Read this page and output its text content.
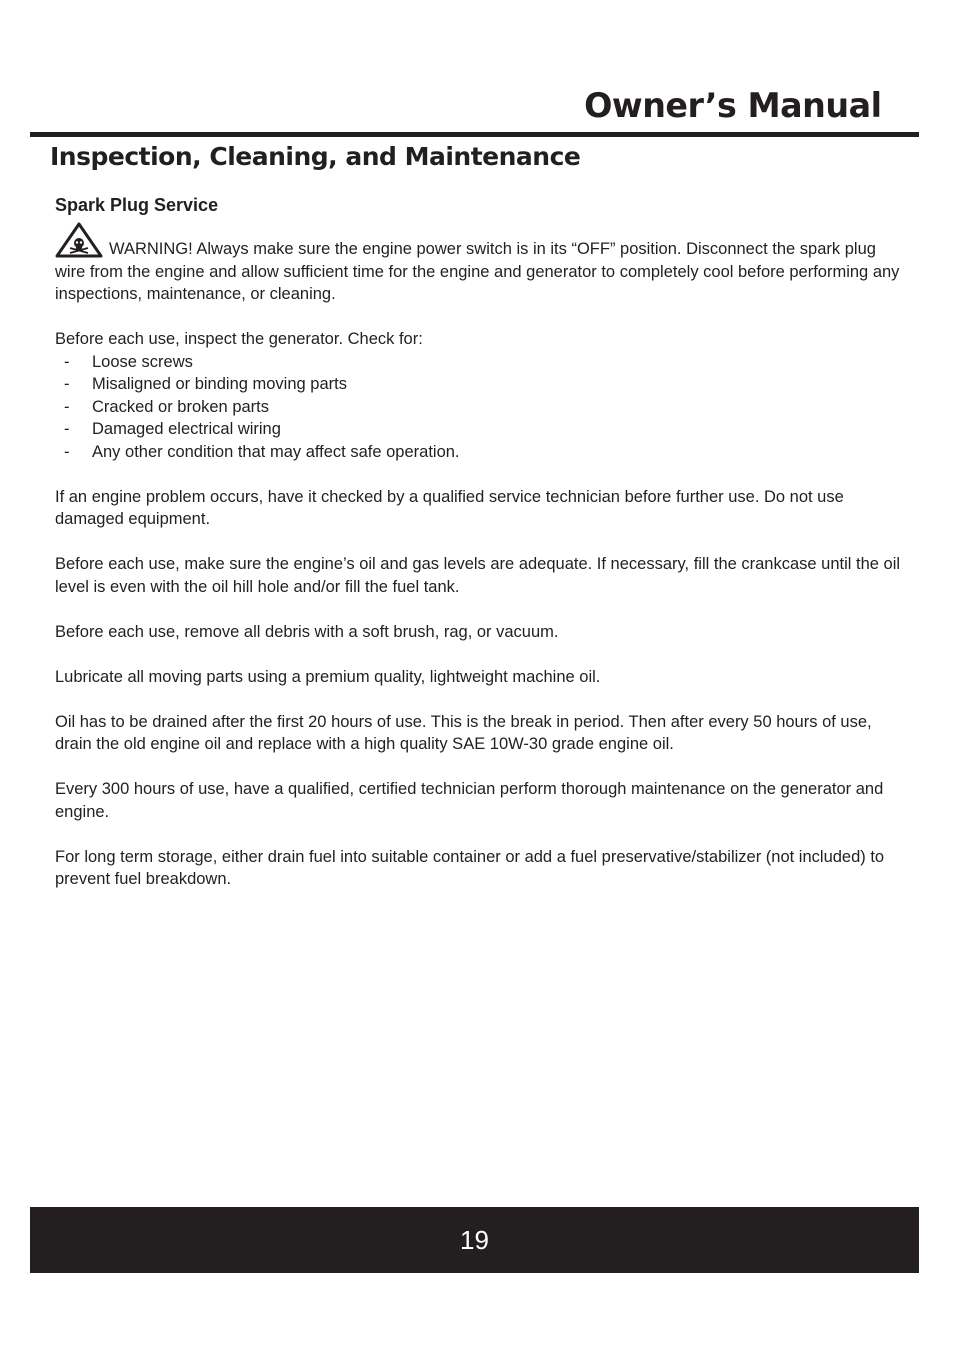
Owner’s Manual
Inspection, Cleaning, and Maintenance

Spark Plug Service

WARNING! Always make sure the engine power switch is in its “OFF” position. Disconnect the spark plug wire from the engine and allow sufficient time for the engine and generator to completely cool before performing any inspections, maintenance, or cleaning.

Before each use, inspect the generator. Check for:

- Loose screws
- Misaligned or binding moving parts
- Cracked or broken parts
- Damaged electrical wiring
- Any other condition that may affect safe operation.

If an engine problem occurs, have it checked by a qualified service technician before further use. Do not use damaged equipment.

Before each use, make sure the engine’s oil and gas levels are adequate. If necessary, fill the crankcase until the oil level is even with the oil hill hole and/or fill the fuel tank.

Before each use, remove all debris with a soft brush, rag, or vacuum.

Lubricate all moving parts using a premium quality, lightweight machine oil.

Oil has to be drained after the first 20 hours of use. This is the break in period. Then after every 50 hours of use, drain the old engine oil and replace with a high quality SAE 10W-30 grade engine oil.

Every 300 hours of use, have a qualified, certified technician perform thorough maintenance on the generator and engine.

For long term storage, either drain fuel into suitable container or add a fuel preservative/stabilizer (not included) to prevent fuel breakdown.

19
